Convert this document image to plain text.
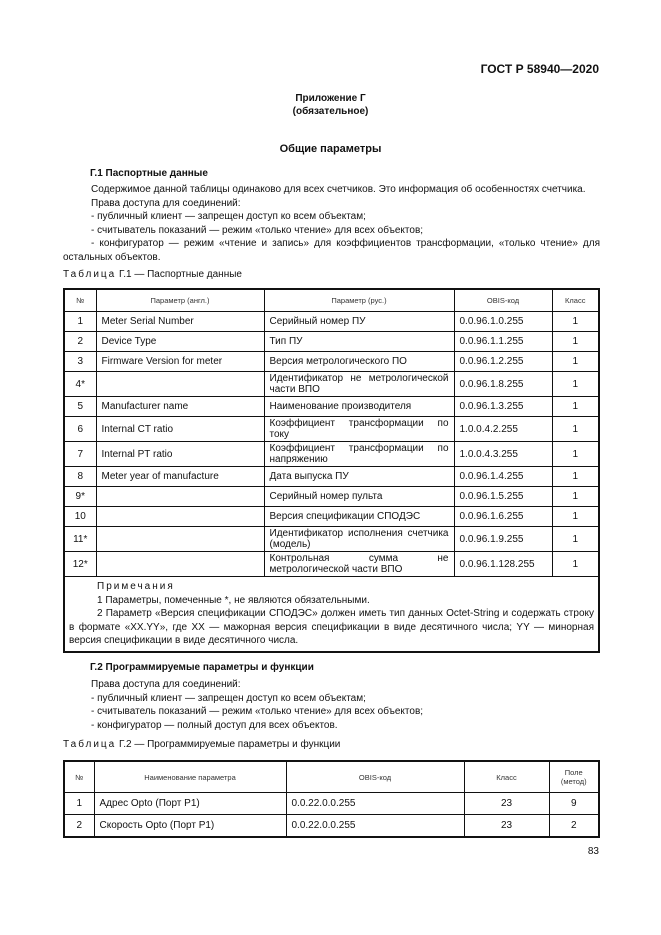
ГОСТ Р 58940—2020
Приложение Г
(обязательное)
Общие параметры
Г.1 Паспортные данные

Содержимое данной таблицы одинаково для всех счетчиков. Это информация об особенностях счетчика.

Права доступа для соединений:

- публичный клиент — запрещен доступ ко всем объектам;

- считыватель показаний — режим «только чтение» для всех объектов;

- конфигуратор — режим «чтение и запись» для коэффициентов трансформации, «только чтение» для остальных объектов.

Таблица Г.1 — Паспортные данные
№	Параметр (англ.)	Параметр (рус.)	OBIS-код	Класс
1	Meter Serial Number	Серийный номер ПУ	0.0.96.1.0.255	1
2	Device Type	Тип ПУ	0.0.96.1.1.255	1
3	Firmware Version for meter	Версия метрологического ПО	0.0.96.1.2.255	1
4*		Идентификатор не метрологической части ВПО	0.0.96.1.8.255	1
5	Manufacturer name	Наименование производителя	0.0.96.1.3.255	1
6	Internal CT ratio	Коэффициент трансформации по току	1.0.0.4.2.255	1
7	Internal PT ratio	Коэффициент трансформации по напряжению	1.0.0.4.3.255	1
8	Meter year of manufacture	Дата выпуска ПУ	0.0.96.1.4.255	1
9*		Серийный номер пульта	0.0.96.1.5.255	1
10		Версия спецификации СПОДЭС	0.0.96.1.6.255	1
11*		Идентификатор исполнения счетчика (модель)	0.0.96.1.9.255	1
12*		Контрольная сумма не метрологической части ВПО	0.0.96.1.128.255	1

Примечания

1 Параметры, помеченные *, не являются обязательными.

2 Параметр «Версия спецификации СПОДЭС» должен иметь тип данных Octet-String и содержать строку в формате «XX.YY», где XX — мажорная версия спецификации в виде десятичного числа; YY — минорная версия спецификации в виде десятичного числа.				

Г.2 Программируемые параметры и функции

Права доступа для соединений:

- публичный клиент — запрещен доступ ко всем объектам;

- считыватель показаний — режим «только чтение» для всех объектов;

- конфигуратор — полный доступ для всех объектов.

Таблица Г.2 — Программируемые параметры и функции
№	Наименование параметра	OBIS-код	Класс	Поле (метод)
1	Адрес Opto (Порт P1)	0.0.22.0.0.255	23	9
2	Скорость Opto (Порт P1)	0.0.22.0.0.255	23	2
83
